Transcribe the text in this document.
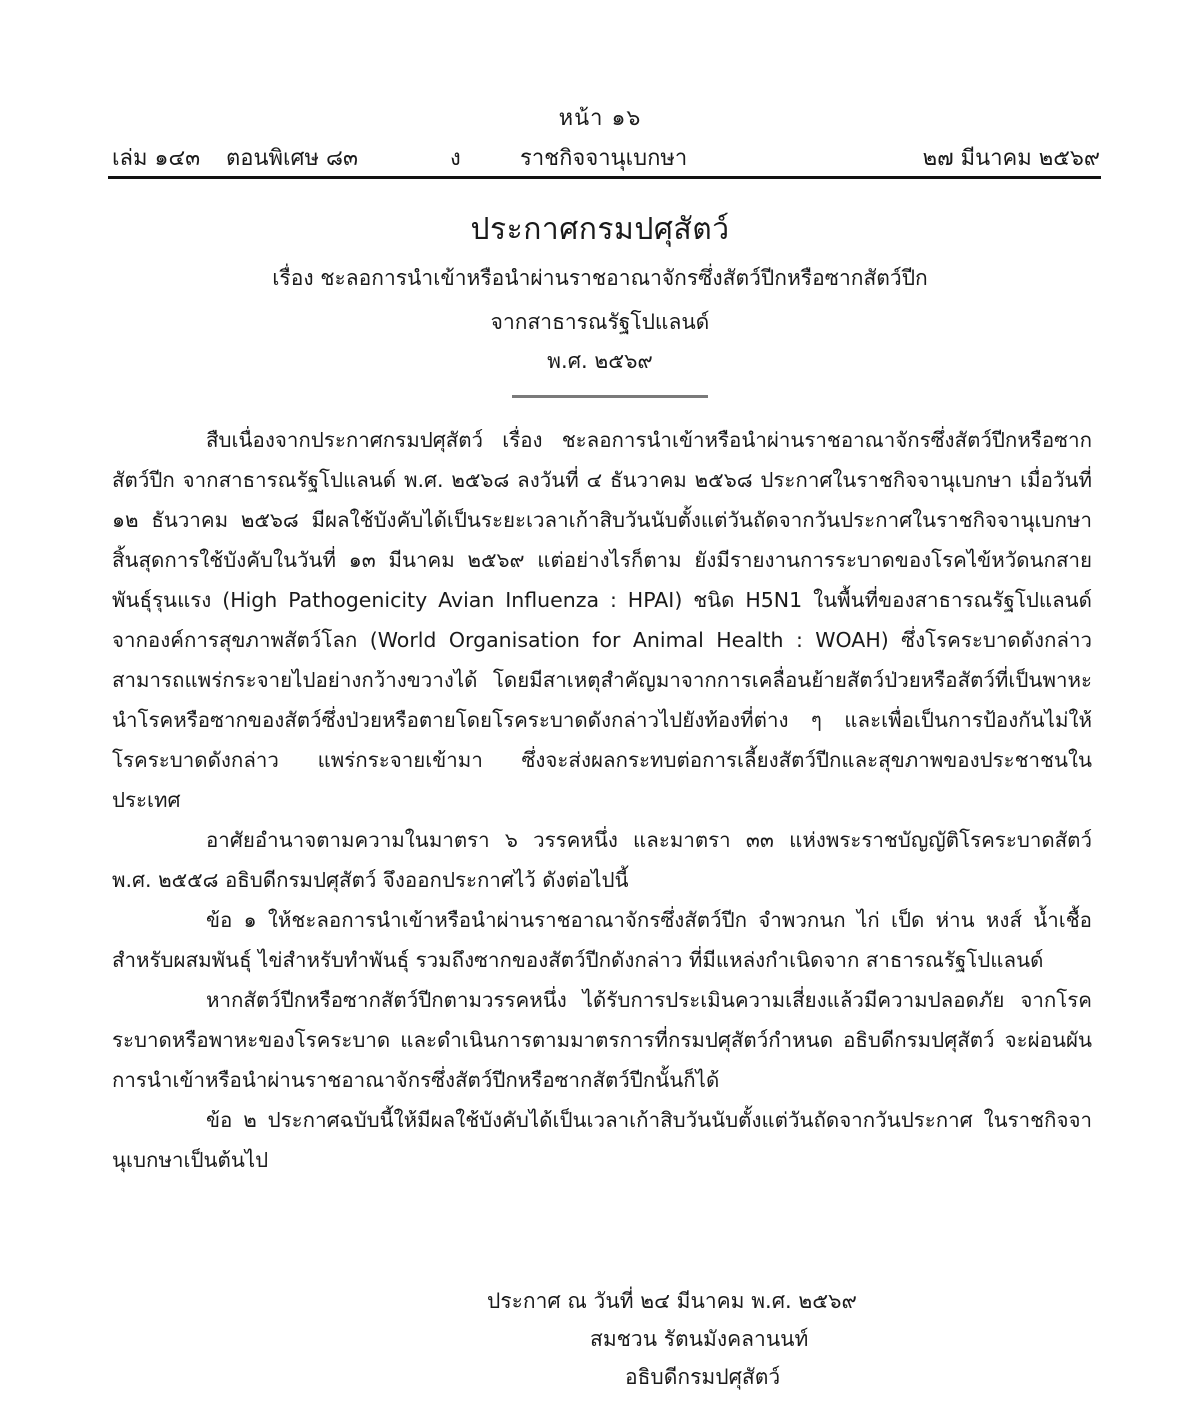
หน้า ๑๖
เล่ม ๑๔๓ ตอนพิเศษ ๘๓	ง	ราชกิจจานุเบกษา	๒๗ มีนาคม ๒๕๖๙
ประกาศกรมปศุสัตว์
เรื่อง ชะลอการนำเข้าหรือนำผ่านราชอาณาจักรซึ่งสัตว์ปีกหรือซากสัตว์ปีก
จากสาธารณรัฐโปแลนด์
พ.ศ. ๒๕๖๙

สืบเนื่องจากประกาศกรมปศุสัตว์ เรื่อง ชะลอการนำเข้าหรือนำผ่านราชอาณาจักรซึ่งสัตว์ปีกหรือซากสัตว์ปีก จากสาธารณรัฐโปแลนด์ พ.ศ. ๒๕๖๘ ลงวันที่ ๔ ธันวาคม ๒๕๖๘ ประกาศในราชกิจจานุเบกษา เมื่อวันที่ ๑๒ ธันวาคม ๒๕๖๘ มีผลใช้บังคับได้เป็นระยะเวลาเก้าสิบวันนับตั้งแต่วันถัดจากวันประกาศในราชกิจจานุเบกษา สิ้นสุดการใช้บังคับในวันที่ ๑๓ มีนาคม ๒๕๖๙ แต่อย่างไรก็ตาม ยังมีรายงานการระบาดของโรคไข้หวัดนกสายพันธุ์รุนแรง (High Pathogenicity Avian Influenza : HPAI) ชนิด H5N1 ในพื้นที่ของสาธารณรัฐโปแลนด์ จากองค์การสุขภาพสัตว์โลก (World Organisation for Animal Health : WOAH) ซึ่งโรคระบาดดังกล่าวสามารถแพร่กระจายไปอย่างกว้างขวางได้ โดยมีสาเหตุสำคัญมาจากการเคลื่อนย้ายสัตว์ป่วยหรือสัตว์ที่เป็นพาหะนำโรคหรือซากของสัตว์ซึ่งป่วยหรือตายโดยโรคระบาดดังกล่าวไปยังท้องที่ต่าง ๆ และเพื่อเป็นการป้องกันไม่ให้โรคระบาดดังกล่าว แพร่กระจายเข้ามา ซึ่งจะส่งผลกระทบต่อการเลี้ยงสัตว์ปีกและสุขภาพของประชาชนในประเทศ

อาศัยอำนาจตามความในมาตรา ๖ วรรคหนึ่ง และมาตรา ๓๓ แห่งพระราชบัญญัติโรคระบาดสัตว์ พ.ศ. ๒๕๕๘ อธิบดีกรมปศุสัตว์ จึงออกประกาศไว้ ดังต่อไปนี้

ข้อ ๑ ให้ชะลอการนำเข้าหรือนำผ่านราชอาณาจักรซึ่งสัตว์ปีก จำพวกนก ไก่ เป็ด ห่าน หงส์ น้ำเชื้อสำหรับผสมพันธุ์ ไข่สำหรับทำพันธุ์ รวมถึงซากของสัตว์ปีกดังกล่าว ที่มีแหล่งกำเนิดจาก สาธารณรัฐโปแลนด์

หากสัตว์ปีกหรือซากสัตว์ปีกตามวรรคหนึ่ง ได้รับการประเมินความเสี่ยงแล้วมีความปลอดภัย จากโรคระบาดหรือพาหะของโรคระบาด และดำเนินการตามมาตรการที่กรมปศุสัตว์กำหนด อธิบดีกรมปศุสัตว์ จะผ่อนผันการนำเข้าหรือนำผ่านราชอาณาจักรซึ่งสัตว์ปีกหรือซากสัตว์ปีกนั้นก็ได้

ข้อ ๒ ประกาศฉบับนี้ให้มีผลใช้บังคับได้เป็นเวลาเก้าสิบวันนับตั้งแต่วันถัดจากวันประกาศ ในราชกิจจานุเบกษาเป็นต้นไป

ประกาศ ณ วันที่ ๒๔ มีนาคม พ.ศ. ๒๕๖๙
สมชวน รัตนมังคลานนท์
อธิบดีกรมปศุสัตว์
